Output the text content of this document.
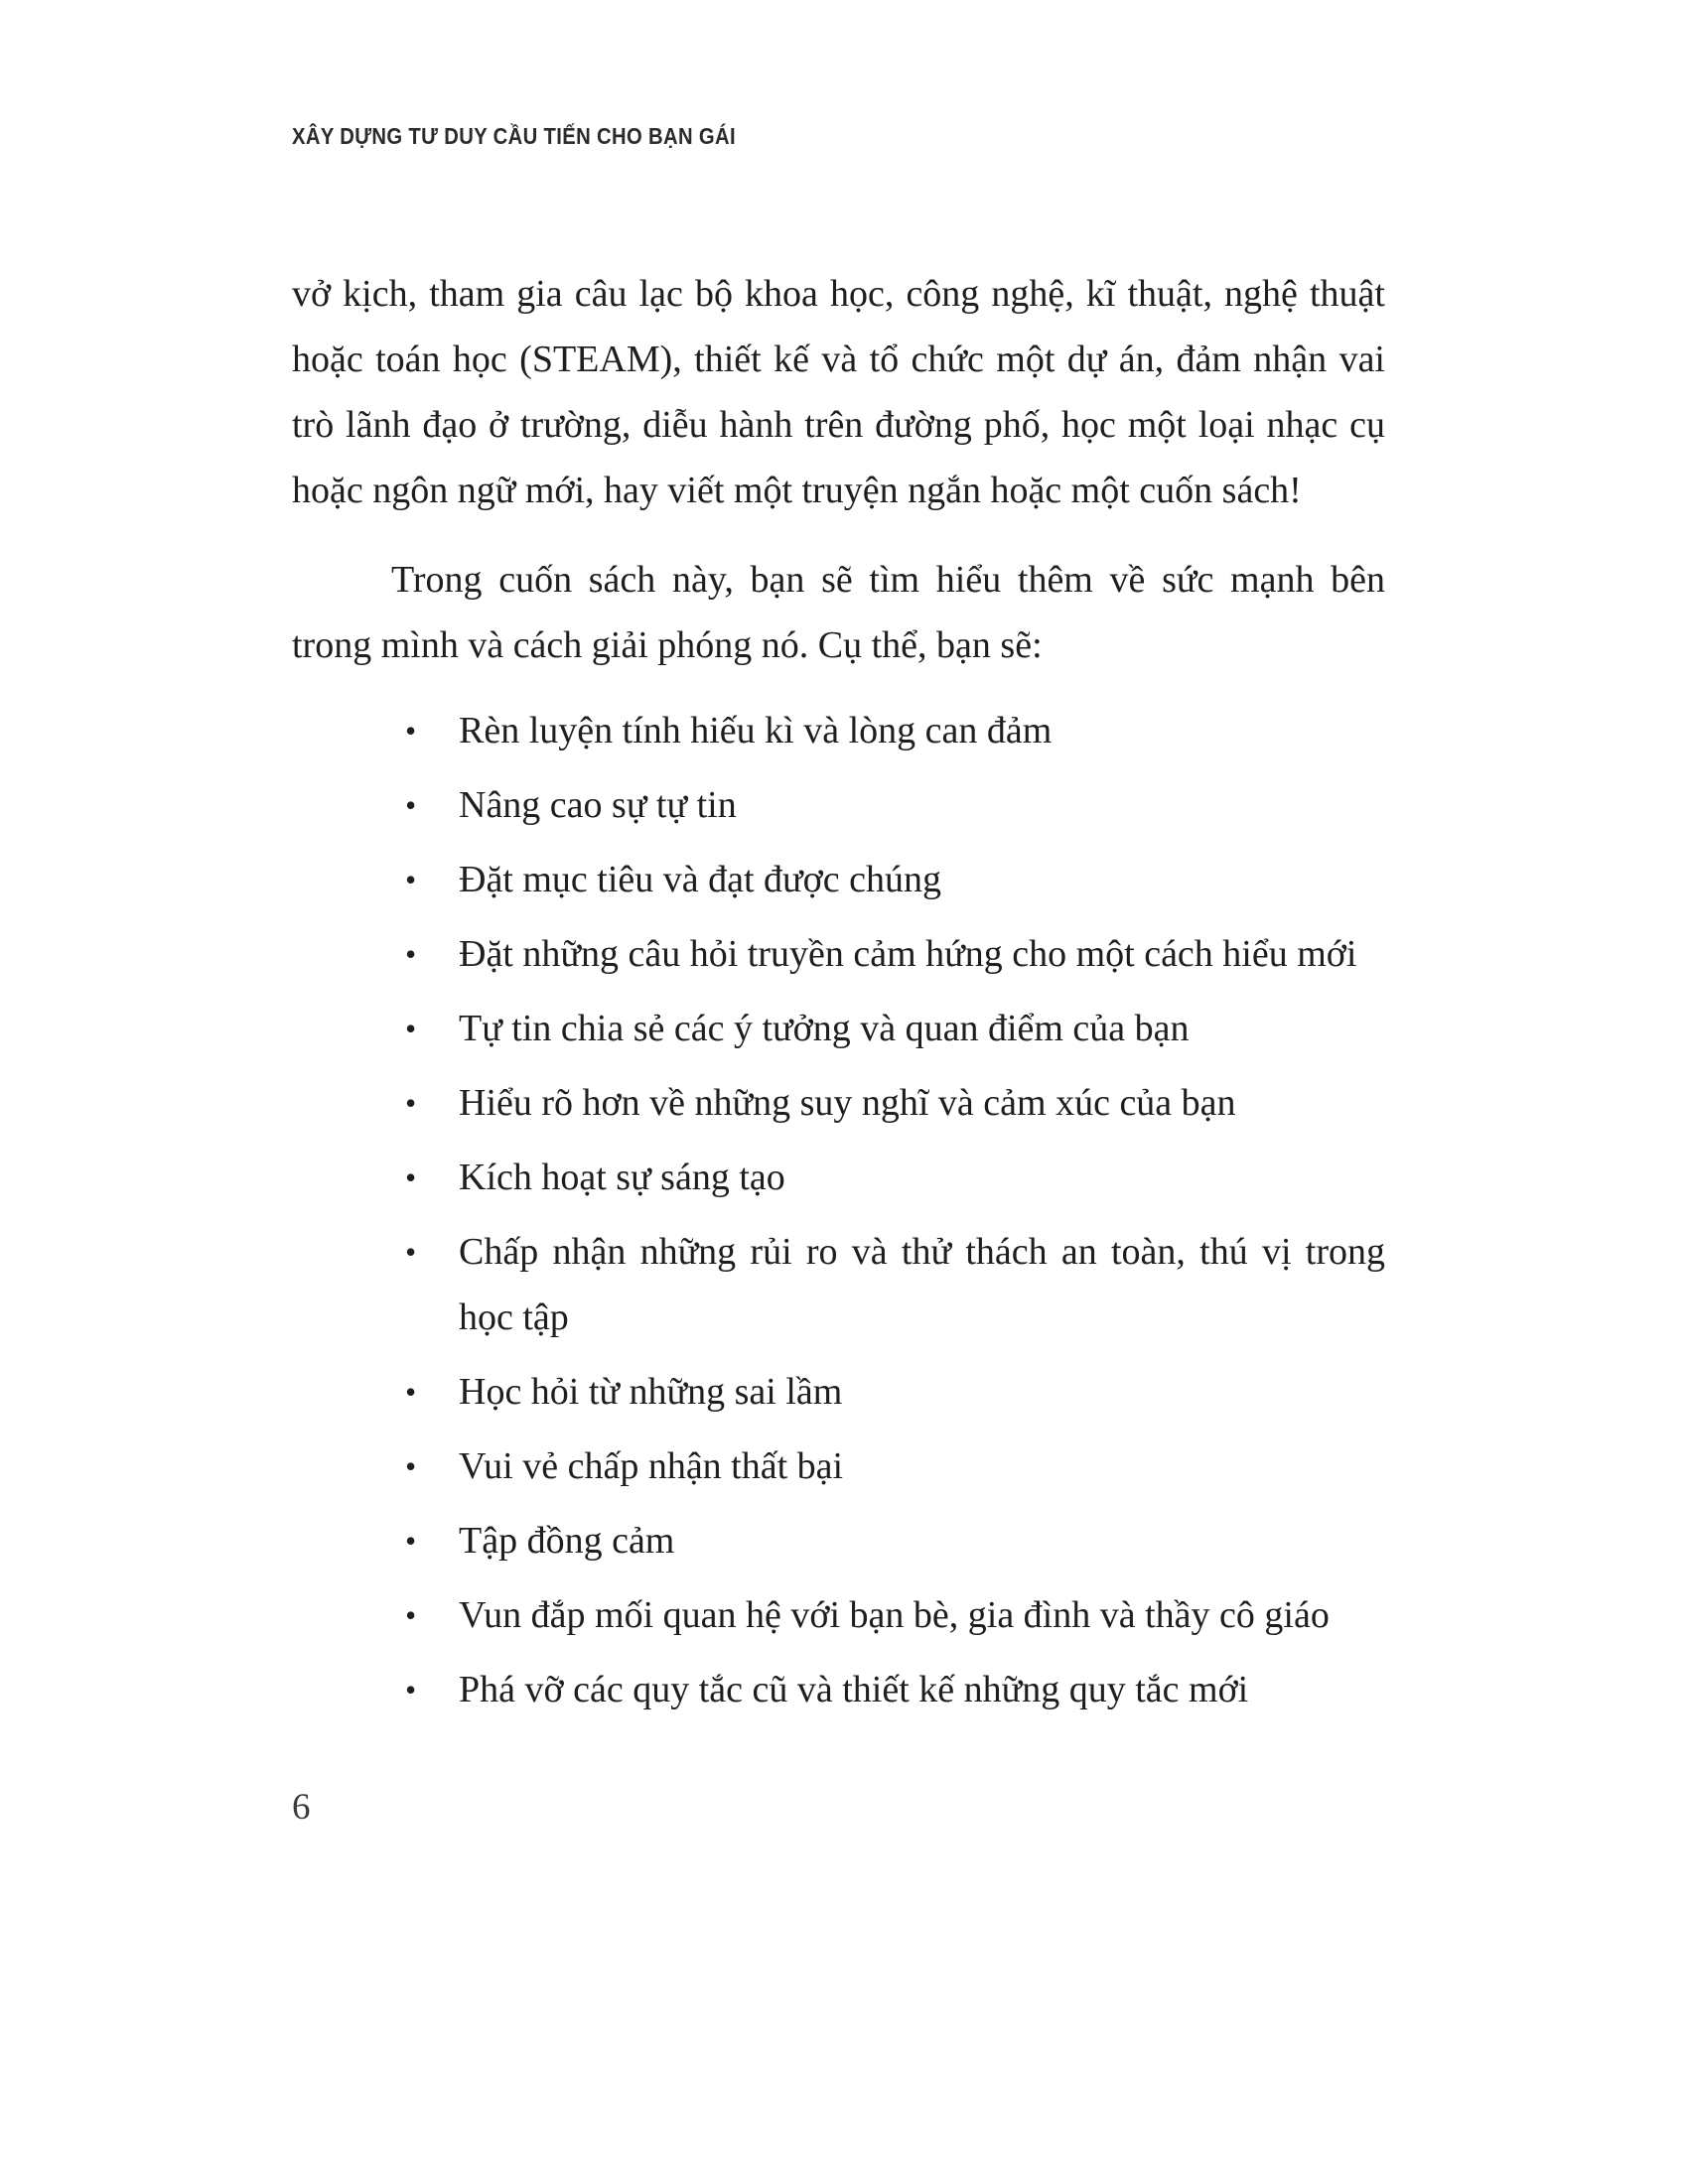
XÂY DỰNG TƯ DUY CẦU TIẾN CHO BẠN GÁI

vở kịch, tham gia câu lạc bộ khoa học, công nghệ, kĩ thuật, nghệ thuật hoặc toán học (STEAM), thiết kế và tổ chức một dự án, đảm nhận vai trò lãnh đạo ở trường, diễu hành trên đường phố, học một loại nhạc cụ hoặc ngôn ngữ mới, hay viết một truyện ngắn hoặc một cuốn sách!

Trong cuốn sách này, bạn sẽ tìm hiểu thêm về sức mạnh bên trong mình và cách giải phóng nó. Cụ thể, bạn sẽ:

• Rèn luyện tính hiếu kì và lòng can đảm
• Nâng cao sự tự tin
• Đặt mục tiêu và đạt được chúng
• Đặt những câu hỏi truyền cảm hứng cho một cách hiểu mới
• Tự tin chia sẻ các ý tưởng và quan điểm của bạn
• Hiểu rõ hơn về những suy nghĩ và cảm xúc của bạn
• Kích hoạt sự sáng tạo
• Chấp nhận những rủi ro và thử thách an toàn, thú vị trong học tập
• Học hỏi từ những sai lầm
• Vui vẻ chấp nhận thất bại
• Tập đồng cảm
• Vun đắp mối quan hệ với bạn bè, gia đình và thầy cô giáo
• Phá vỡ các quy tắc cũ và thiết kế những quy tắc mới
6
